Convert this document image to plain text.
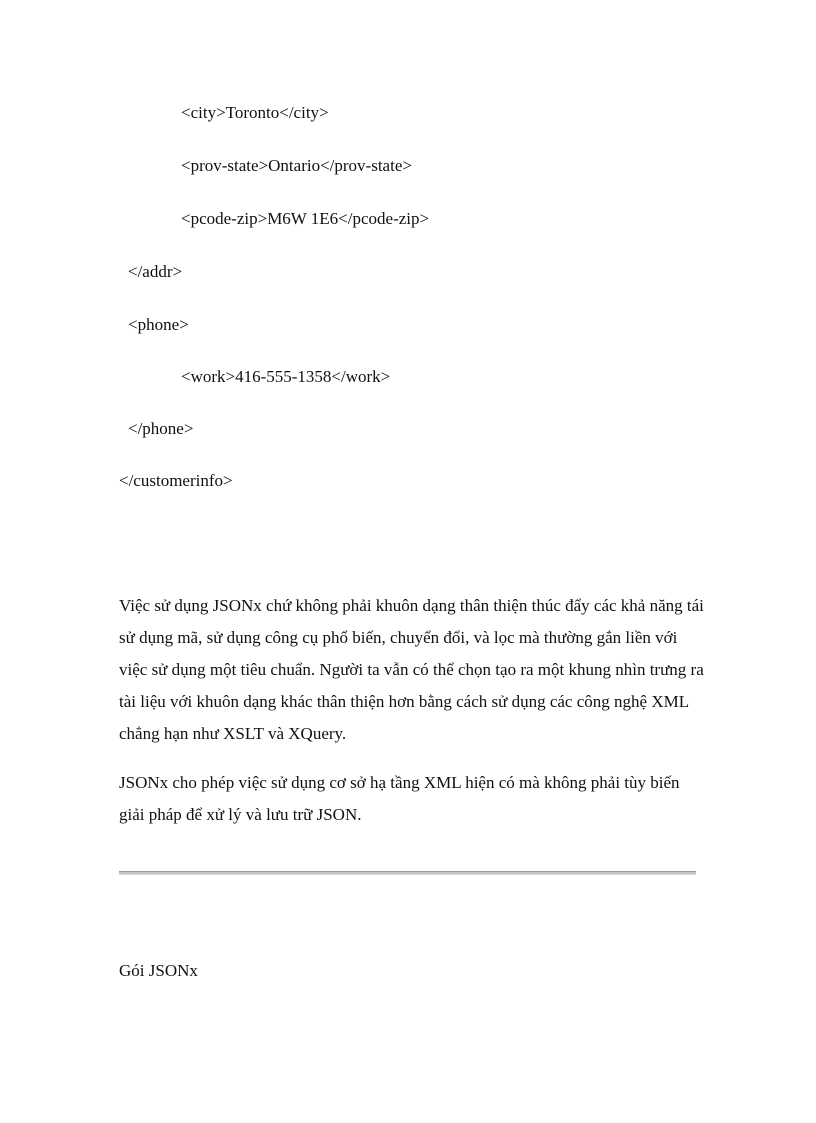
<city>Toronto</city>
<prov-state>Ontario</prov-state>
<pcode-zip>M6W 1E6</pcode-zip>
</addr>
<phone>
<work>416-555-1358</work>
</phone>
</customerinfo>

Việc sử dụng JSONx chứ không phải khuôn dạng thân thiện thúc đẩy các khả năng tái sử dụng mã, sử dụng công cụ phổ biến, chuyển đổi, và lọc mà thường gắn liền với việc sử dụng một tiêu chuẩn. Người ta vẫn có thể chọn tạo ra một khung nhìn trưng ra tài liệu với khuôn dạng khác thân thiện hơn bằng cách sử dụng các công nghệ XML chẳng hạn như XSLT và XQuery.

JSONx cho phép việc sử dụng cơ sở hạ tầng XML hiện có mà không phải tùy biến giải pháp để xử lý và lưu trữ JSON.

Gói JSONx
